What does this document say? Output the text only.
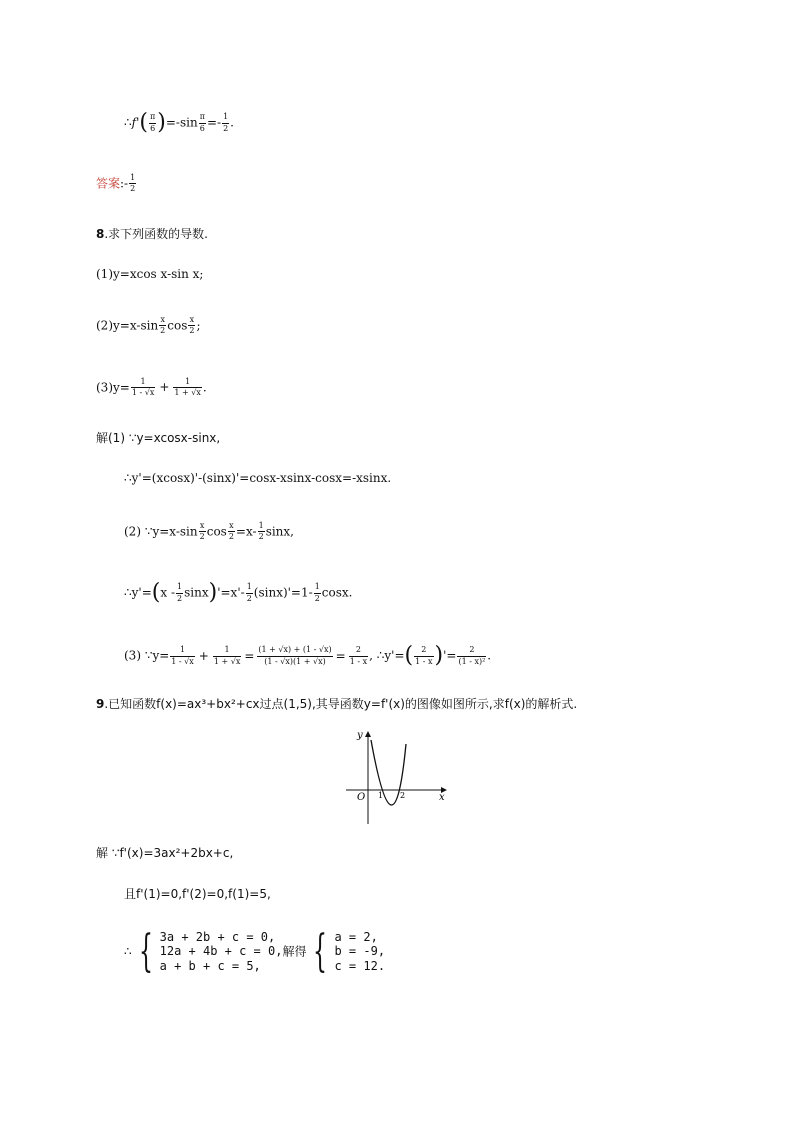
∴f'( $\frac{\pi}{6} )=-\sin \frac{\pi}{6} =- \frac{1}{2}$ .
答案:- $\frac{1}{2}$
8.求下列函数的导数.
(1)y=xcos x-sin x;
$(2)y=x-\sin \frac{x}{2}$ $\cos \frac{x}{2}$ ;
$(3)y= \frac{1}{1 - √x} + \frac{1}{1 + √x}$ .
解(1) ∵y=xcosx-sinx,
∴y'=(xcosx)'-(sinx)'=cosx-xsinx-cosx=-xsinx.
(2) ∵y=x-sin $\frac{x}{2}$ $\cos \frac{x}{2} =x- \frac{1}{2} \sin x$,
∴y'=(x - $\frac{1}{2} \sin x)'=x'- \frac{1}{2} (\sin x)'=1- \frac{1}{2} \cos x$.
(3) ∵y= $\frac{1}{1 - √x} + \frac{1}{1 + √x} = \frac{(1 + √x) + (1 - √x)}{(1 - √x)(1 + √x)} = \frac{2}{1 - x}$ , ∴y'=( $\frac{2}{1 - x}$ )'= $\frac{2}{\text{(1 - x)²}}$ .
9.已知函数f(x)=ax³+bx²+cx过点(1,5),其导函数y=f'(x)的图像如图所示,求f(x)的解析式.
y
x
O 1 2
解 ∵f'(x)=3ax²+2bx+c,
且f'(1)=0,f'(2)=0,f(1)=5,
∴ { 3a + 2b + c = 0,
12a + 4b + c = 0,
a + b + c = 5,
解得 { a = 2,
b = -9,
c = 12.
